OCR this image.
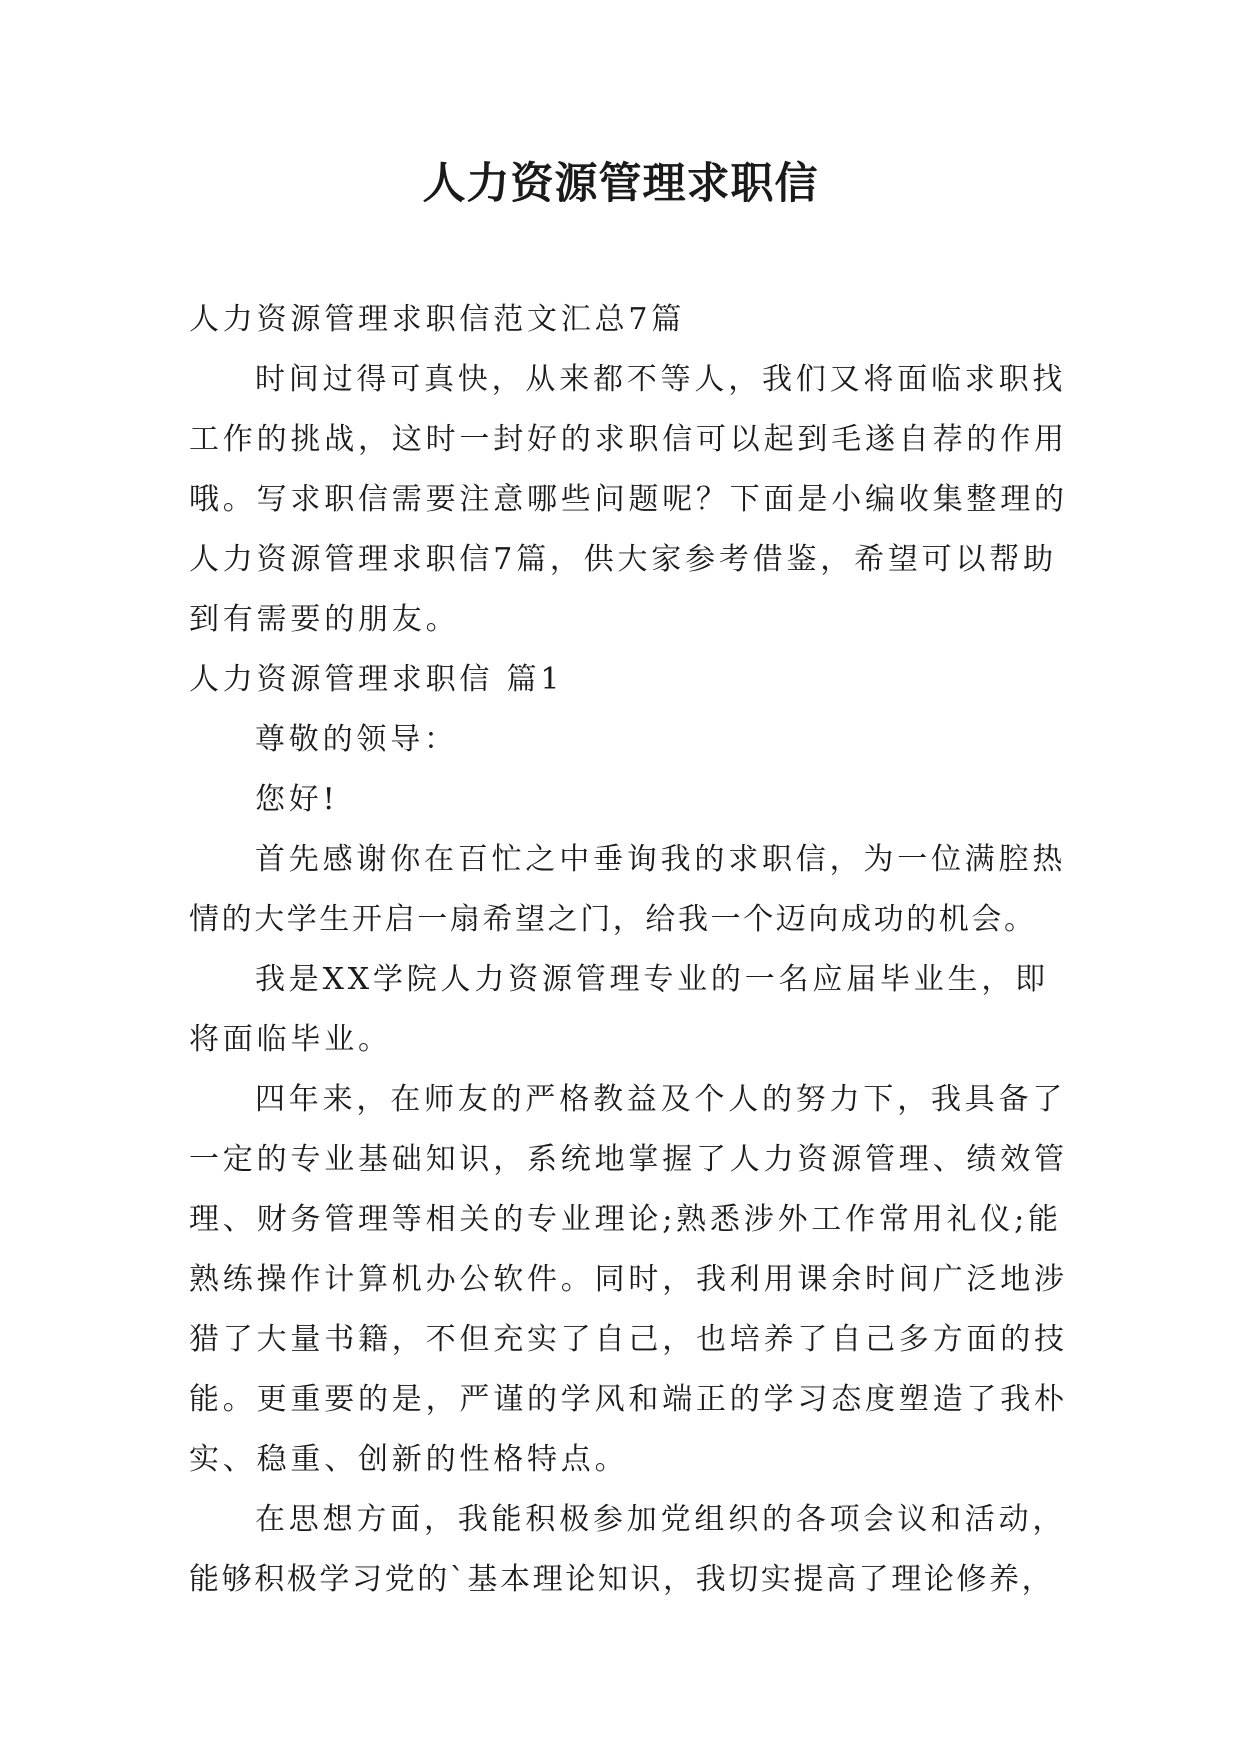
人力资源管理求职信
人力资源管理求职信范文汇总7篇
时间过得可真快，从来都不等人，我们又将面临求职找
工作的挑战，这时一封好的求职信可以起到毛遂自荐的作用
哦。写求职信需要注意哪些问题呢？下面是小编收集整理的
人力资源管理求职信7篇，供大家参考借鉴，希望可以帮助
到有需要的朋友。
人力资源管理求职信 篇1
尊敬的领导：
您好!
首先感谢你在百忙之中垂询我的求职信，为一位满腔热
情的大学生开启一扇希望之门，给我一个迈向成功的机会。
我是XX学院人力资源管理专业的一名应届毕业生，即
将面临毕业。
四年来，在师友的严格教益及个人的努力下，我具备了
一定的专业基础知识，系统地掌握了人力资源管理、绩效管
理、财务管理等相关的专业理论;熟悉涉外工作常用礼仪;能
熟练操作计算机办公软件。同时，我利用课余时间广泛地涉
猎了大量书籍，不但充实了自己，也培养了自己多方面的技
能。更重要的是，严谨的学风和端正的学习态度塑造了我朴
实、稳重、创新的性格特点。
在思想方面，我能积极参加党组织的各项会议和活动，
能够积极学习党的`基本理论知识，我切实提高了理论修养，
